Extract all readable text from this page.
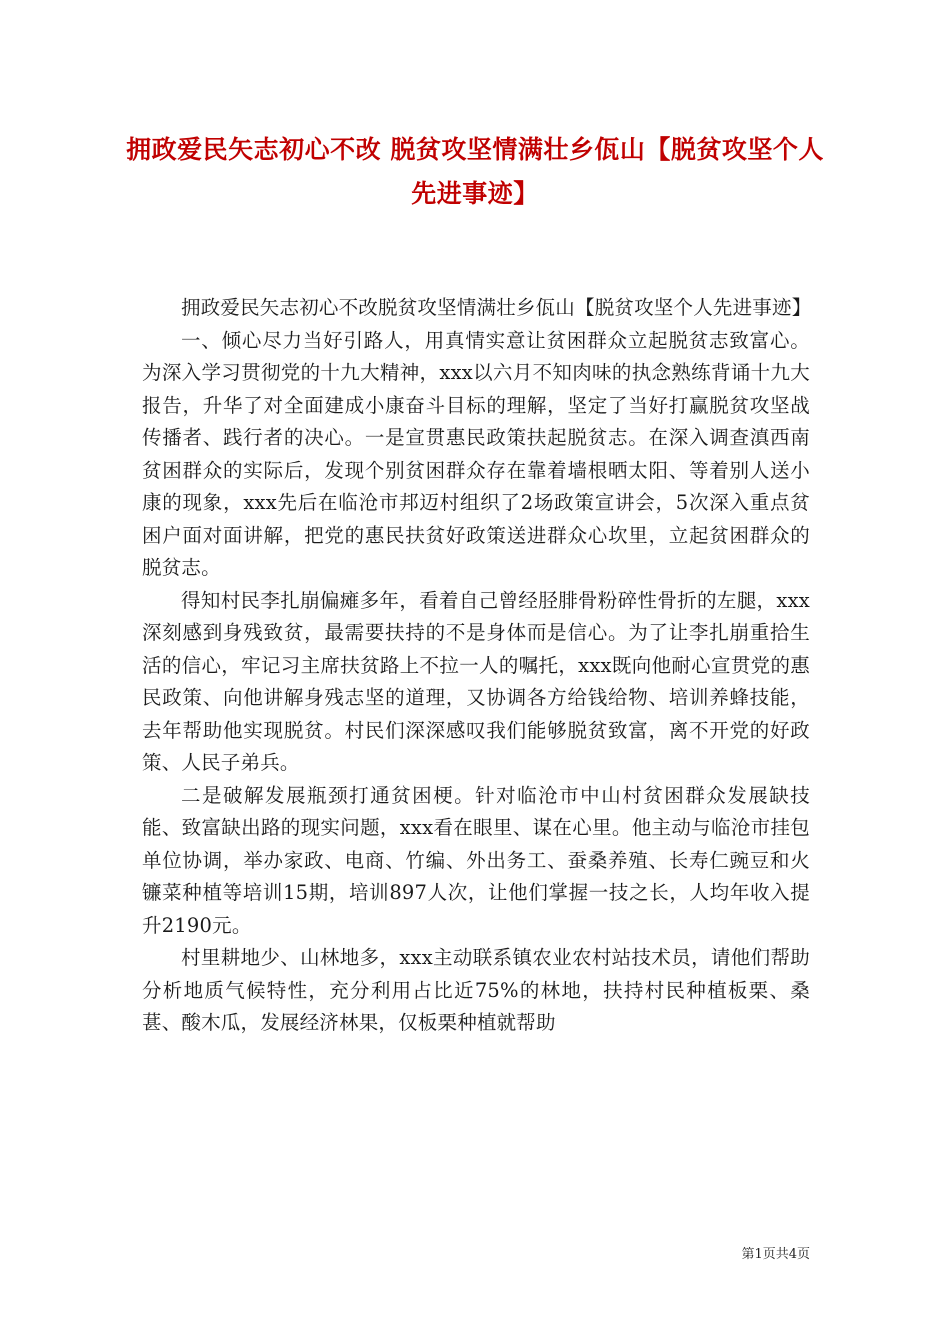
拥政爱民矢志初心不改 脱贫攻坚情满壮乡佤山【脱贫攻坚个人先进事迹】

拥政爱民矢志初心不改脱贫攻坚情满壮乡佤山【脱贫攻坚个人先进事迹】

一、倾心尽力当好引路人，用真情实意让贫困群众立起脱贫志致富心。为深入学习贯彻党的十九大精神，xxx以六月不知肉味的执念熟练背诵十九大报告，升华了对全面建成小康奋斗目标的理解，坚定了当好打赢脱贫攻坚战传播者、践行者的决心。一是宣贯惠民政策扶起脱贫志。在深入调查滇西南贫困群众的实际后，发现个别贫困群众存在靠着墙根晒太阳、等着别人送小康的现象，xxx先后在临沧市邦迈村组织了2场政策宣讲会，5次深入重点贫困户面对面讲解，把党的惠民扶贫好政策送进群众心坎里，立起贫困群众的脱贫志。

得知村民李扎崩偏瘫多年，看着自己曾经胫腓骨粉碎性骨折的左腿，xxx深刻感到身残致贫，最需要扶持的不是身体而是信心。为了让李扎崩重拾生活的信心，牢记习主席扶贫路上不拉一人的嘱托，xxx既向他耐心宣贯党的惠民政策、向他讲解身残志坚的道理，又协调各方给钱给物、培训养蜂技能，去年帮助他实现脱贫。村民们深深感叹我们能够脱贫致富，离不开党的好政策、人民子弟兵。

二是破解发展瓶颈打通贫困梗。针对临沧市中山村贫困群众发展缺技能、致富缺出路的现实问题，xxx看在眼里、谋在心里。他主动与临沧市挂包单位协调，举办家政、电商、竹编、外出务工、蚕桑养殖、长寿仁豌豆和火镰菜种植等培训15期，培训897人次，让他们掌握一技之长，人均年收入提升2190元。

村里耕地少、山林地多，xxx主动联系镇农业农村站技术员，请他们帮助分析地质气候特性，充分利用占比近75%的林地，扶持村民种植板栗、桑葚、酸木瓜，发展经济林果，仅板栗种植就帮助

第1页共4页
